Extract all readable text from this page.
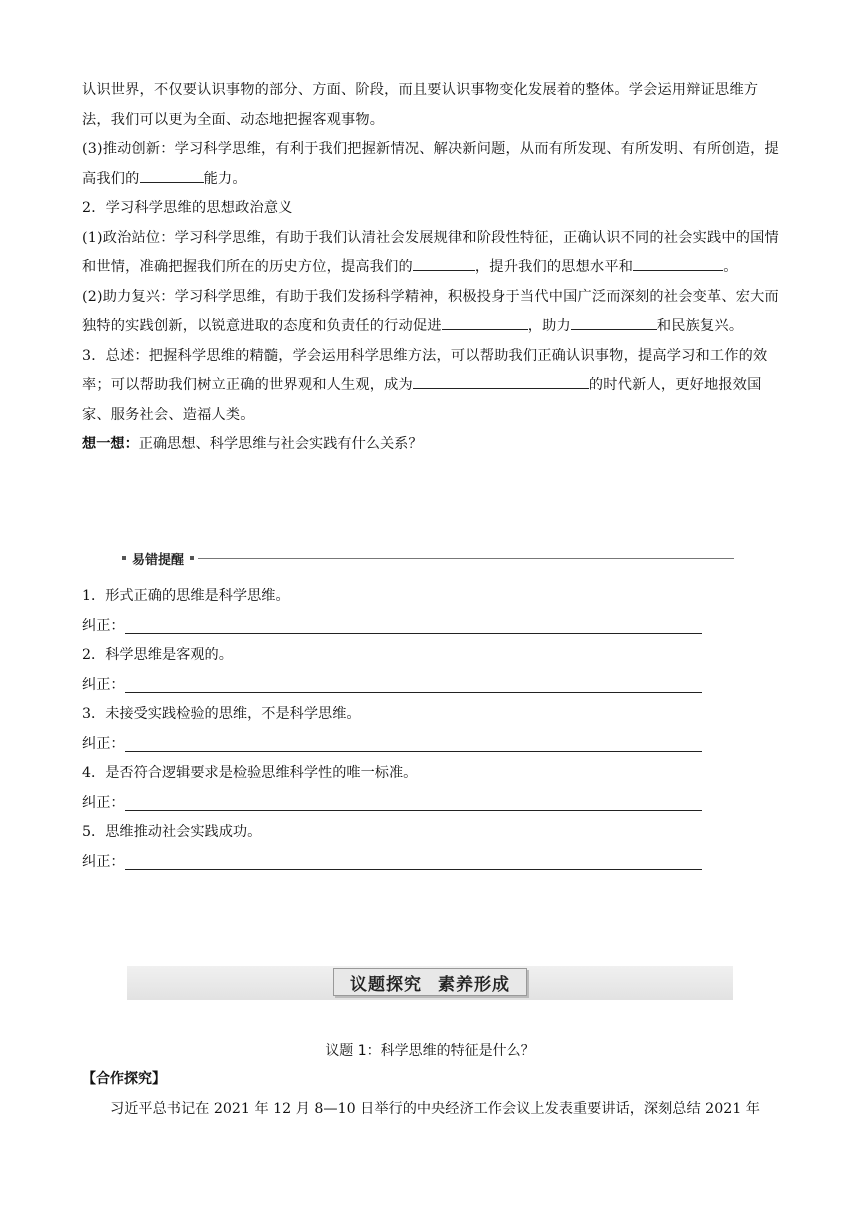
认识世界，不仅要认识事物的部分、方面、阶段，而且要认识事物变化发展着的整体。学会运用辩证思维方法，我们可以更为全面、动态地把握客观事物。

(3)推动创新：学习科学思维，有利于我们把握新情况、解决新问题，从而有所发现、有所发明、有所创造，提高我们的	能力。

2．学习科学思维的思想政治意义

(1)政治站位：学习科学思维，有助于我们认清社会发展规律和阶段性特征，正确认识不同的社会实践中的国情和世情，准确把握我们所在的历史方位，提高我们的	，提升我们的思想水平和	。

(2)助力复兴：学习科学思维，有助于我们发扬科学精神，积极投身于当代中国广泛而深刻的社会变革、宏大而独特的实践创新，以锐意进取的态度和负责任的行动促进	，助力	和民族复兴。

3．总述：把握科学思维的精髓，学会运用科学思维方法，可以帮助我们正确认识事物，提高学习和工作的效率；可以帮助我们树立正确的世界观和人生观，成为	的时代新人，更好地报效国家、服务社会、造福人类。

想一想：正确思想、科学思维与社会实践有什么关系？

易错提醒

1．形式正确的思维是科学思维。

纠正：

2．科学思维是客观的。

纠正：

3．未接受实践检验的思维，不是科学思维。

纠正：

4．是否符合逻辑要求是检验思维科学性的唯一标准。

纠正：

5．思维推动社会实践成功。

纠正：

议题探究 素养形成
议题 1：科学思维的特征是什么？
【合作探究】

习近平总书记在 2021 年 12 月 8—10 日举行的中央经济工作会议上发表重要讲话，深刻总结 2021 年
